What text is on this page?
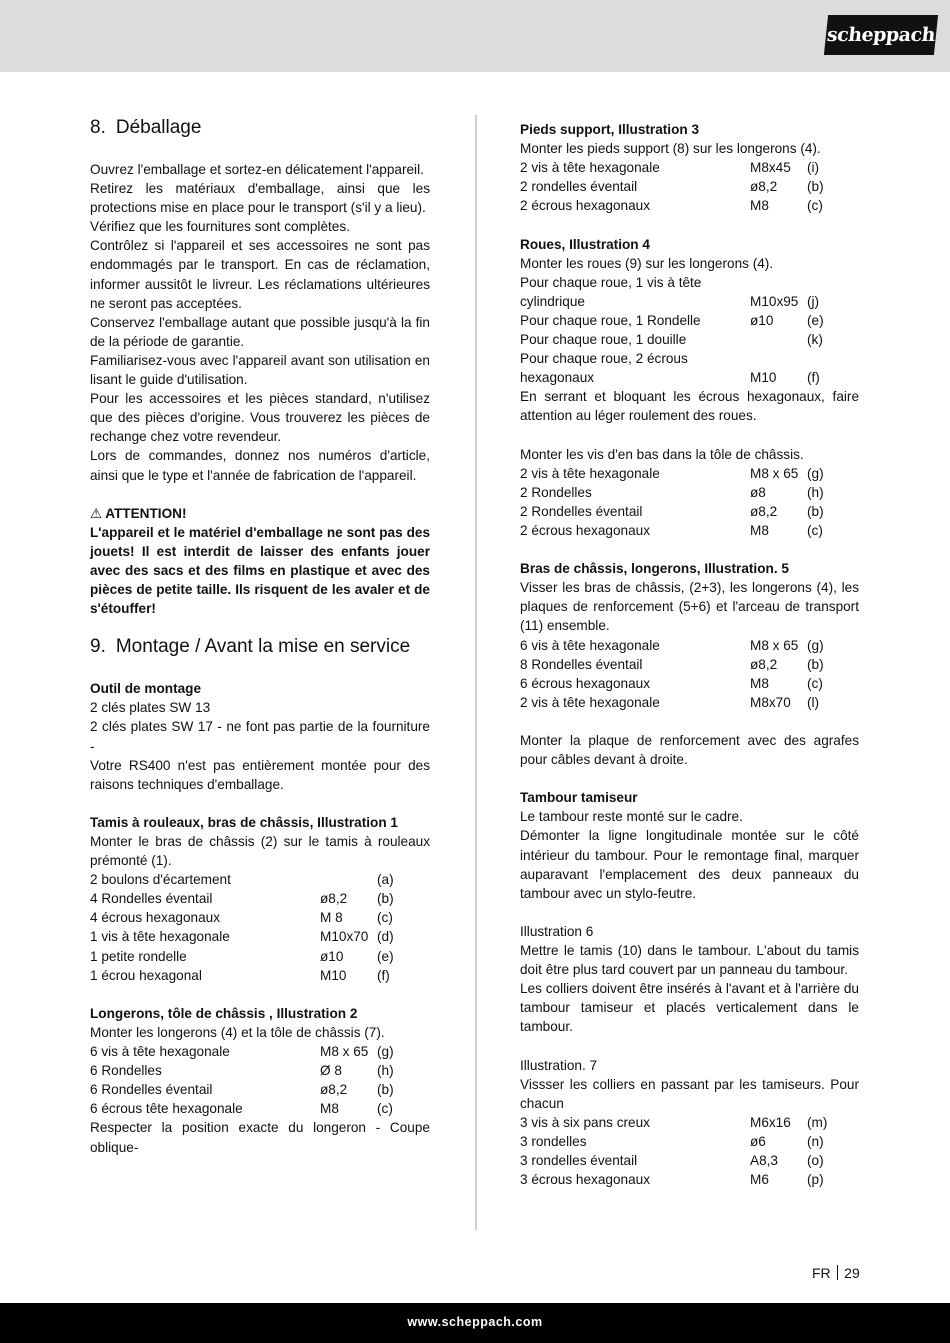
scheppach
8. Déballage

Ouvrez l'emballage et sortez-en délicatement l'appareil.

Retirez les matériaux d'emballage, ainsi que les protections mise en place pour le transport (s'il y a lieu).

Vérifiez que les fournitures sont complètes.

Contrôlez si l'appareil et ses accessoires ne sont pas endommagés par le transport. En cas de réclamation, informer aussitôt le livreur. Les réclamations ultérieures ne seront pas acceptées.

Conservez l'emballage autant que possible jusqu'à la fin de la période de garantie.

Familiarisez-vous avec l'appareil avant son utilisation en lisant le guide d'utilisation.

Pour les accessoires et les pièces standard, n'utilisez que des pièces d'origine. Vous trouverez les pièces de rechange chez votre revendeur.

Lors de commandes, donnez nos numéros d'article, ainsi que le type et l'année de fabrication de l'appareil.

⚠ ATTENTION!

L'appareil et le matériel d'emballage ne sont pas des jouets! Il est interdit de laisser des enfants jouer avec des sacs et des films en plastique et avec des pièces de petite taille. Ils risquent de les avaler et de s'étouffer!

9. Montage / Avant la mise en service

Outil de montage

2 clés plates SW 13

2 clés plates SW 17 - ne font pas partie de la fourniture -

Votre RS400 n'est pas entièrement montée pour des raisons techniques d'emballage.

Tamis à rouleaux, bras de châssis, Illustration 1

Monter le bras de châssis (2) sur le tamis à rouleaux prémonté (1).

2 boulons d'écartement	(a)
4 Rondelles éventail	ø8,2	(b)
4 écrous hexagonaux	M 8	(c)
1 vis à tête hexagonale	M10x70 (d)
1 petite rondelle	ø10	(e)
1 écrou hexagonal	M10	(f)

Longerons, tôle de châssis , Illustration 2

Monter les longerons (4) et la tôle de châssis (7).

6 vis à tête hexagonale	M8 x 65 (g)
6 Rondelles	Ø 8	(h)
6 Rondelles éventail	ø8,2	(b)
6 écrous tête hexagonale	M8	(c)

Respecter la position exacte du longeron - Coupe oblique-

Pieds support, Illustration 3

Monter les pieds support (8) sur les longerons (4).

2 vis à tête hexagonale	M8x45	(i)
2 rondelles éventail	ø8,2	(b)
2 écrous hexagonaux	M8	(c)

Roues, Illustration 4

Monter les roues (9) sur les longerons (4).

Pour chaque roue, 1 vis à tête
cylindrique	M10x95 (j)
Pour chaque roue, 1 Rondelle	ø10	(e)
Pour chaque roue, 1 douille	(k)
Pour chaque roue, 2 écrous
hexagonaux	M10	(f)

En serrant et bloquant les écrous hexagonaux, faire attention au léger roulement des roues.

Monter les vis d'en bas dans la tôle de châssis.

2 vis à tête hexagonale	M8 x 65 (g)
2 Rondelles	ø8	(h)
2 Rondelles éventail	ø8,2	(b)
2 écrous hexagonaux	M8	(c)

Bras de châssis, longerons, Illustration. 5

Visser les bras de châssis, (2+3), les longerons (4), les plaques de renforcement (5+6) et l'arceau de transport (11) ensemble.

6 vis à tête hexagonale	M8 x 65 (g)
8 Rondelles éventail	ø8,2	(b)
6 écrous hexagonaux	M8	(c)
2 vis à tête hexagonale	M8x70	(l)

Monter la plaque de renforcement avec des agrafes pour câbles devant à droite.

Tambour tamiseur

Le tambour reste monté sur le cadre.

Démonter la ligne longitudinale montée sur le côté intérieur du tambour. Pour le remontage final, marquer auparavant l'emplacement des deux panneaux du tambour avec un stylo-feutre.

Illustration 6

Mettre le tamis (10) dans le tambour. L'about du tamis doit être plus tard couvert par un panneau du tambour.

Les colliers doivent être insérés à l'avant et à l'arrière du tambour tamiseur et placés verticalement dans le tambour.

Illustration. 7

Vissser les colliers en passant par les tamiseurs. Pour chacun

3 vis à six pans creux	M6x16	(m)
3 rondelles	ø6	(n)
3 rondelles éventail	A8,3	(o)
3 écrous hexagonaux	M6	(p)
FR 29
www.scheppach.com
